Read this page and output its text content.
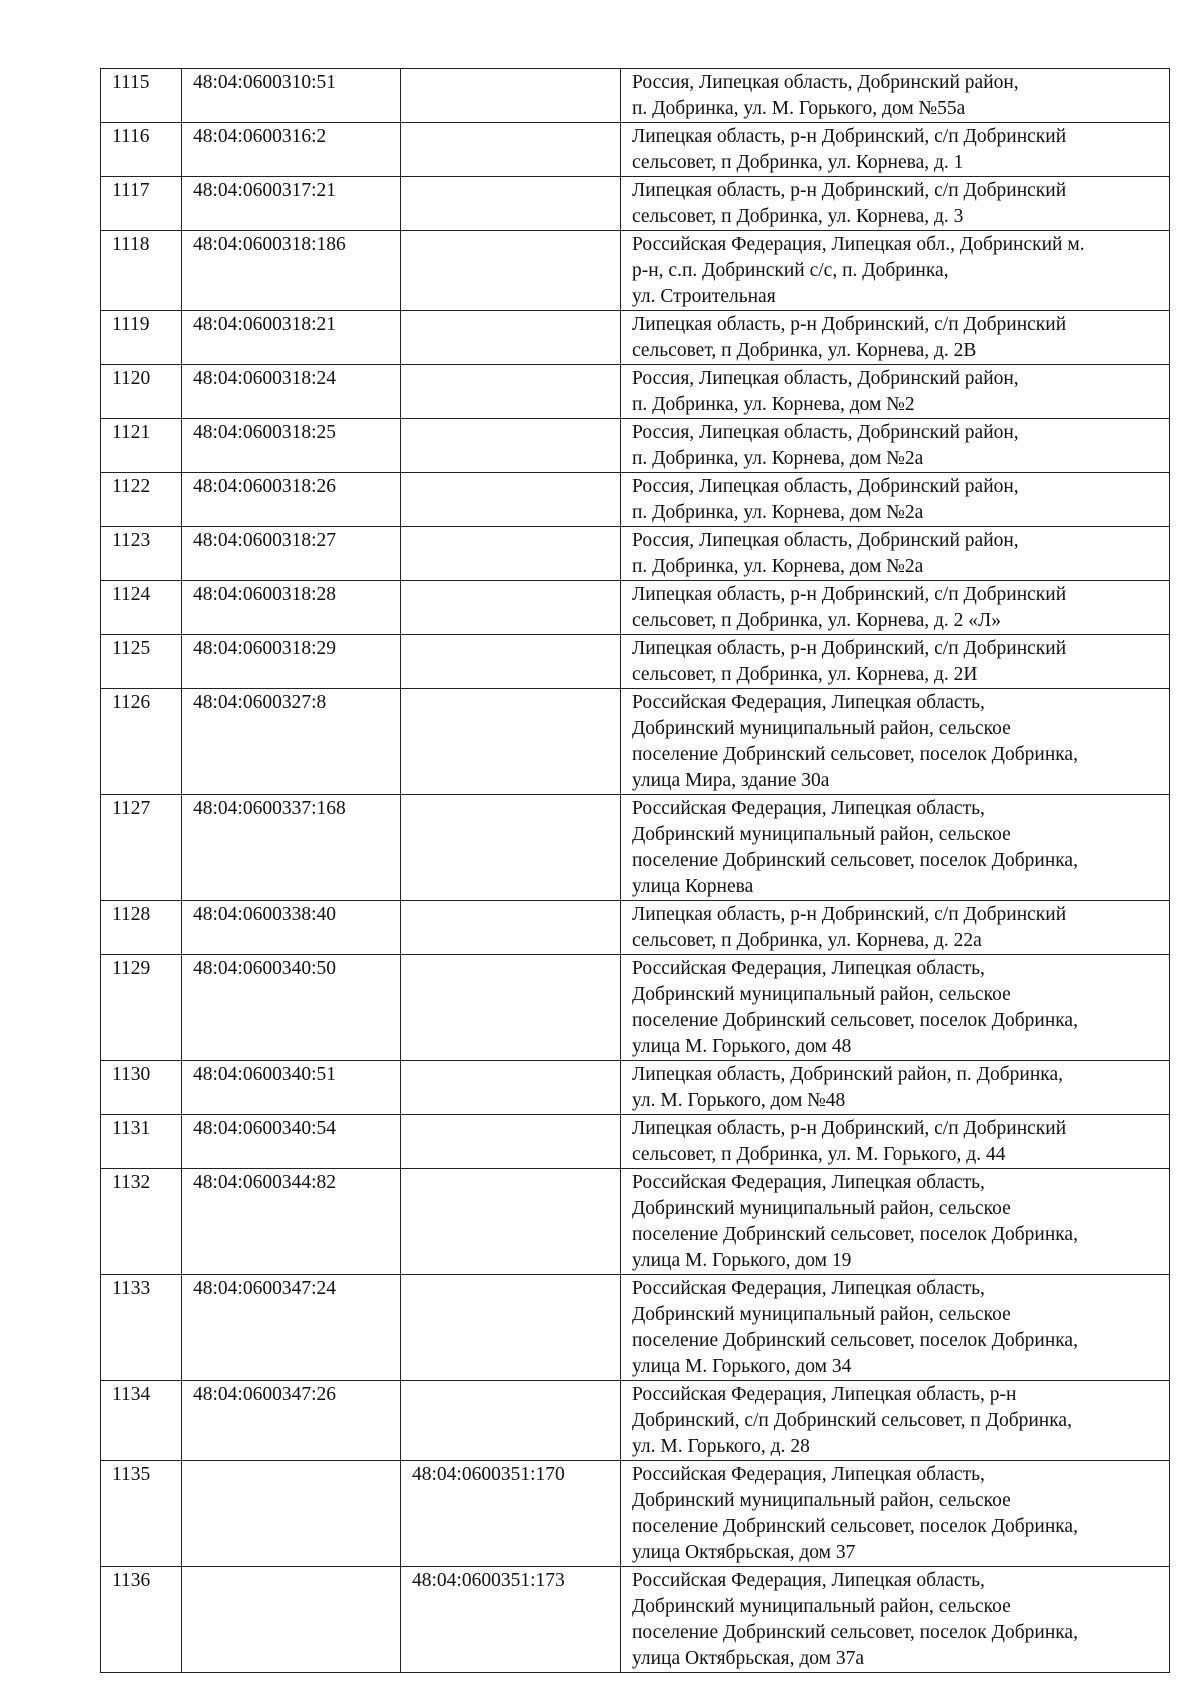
1115	48:04:0600310:51		Россия, Липецкая область, Добринский район,
п. Добринка, ул. М. Горького, дом №55а
1116	48:04:0600316:2		Липецкая область, р-н Добринский, с/п Добринский
сельсовет, п Добринка, ул. Корнева, д. 1
1117	48:04:0600317:21		Липецкая область, р-н Добринский, с/п Добринский
сельсовет, п Добринка, ул. Корнева, д. 3
1118	48:04:0600318:186		Российская Федерация, Липецкая обл., Добринский м.
р-н, с.п. Добринский с/с, п. Добринка,
ул. Строительная
1119	48:04:0600318:21		Липецкая область, р-н Добринский, с/п Добринский
сельсовет, п Добринка, ул. Корнева, д. 2В
1120	48:04:0600318:24		Россия, Липецкая область, Добринский район,
п. Добринка, ул. Корнева, дом №2
1121	48:04:0600318:25		Россия, Липецкая область, Добринский район,
п. Добринка, ул. Корнева, дом №2а
1122	48:04:0600318:26		Россия, Липецкая область, Добринский район,
п. Добринка, ул. Корнева, дом №2а
1123	48:04:0600318:27		Россия, Липецкая область, Добринский район,
п. Добринка, ул. Корнева, дом №2а
1124	48:04:0600318:28		Липецкая область, р-н Добринский, с/п Добринский
сельсовет, п Добринка, ул. Корнева, д. 2 «Л»
1125	48:04:0600318:29		Липецкая область, р-н Добринский, с/п Добринский
сельсовет, п Добринка, ул. Корнева, д. 2И
1126	48:04:0600327:8		Российская Федерация, Липецкая область,
Добринский муниципальный район, сельское
поселение Добринский сельсовет, поселок Добринка,
улица Мира, здание 30а
1127	48:04:0600337:168		Российская Федерация, Липецкая область,
Добринский муниципальный район, сельское
поселение Добринский сельсовет, поселок Добринка,
улица Корнева
1128	48:04:0600338:40		Липецкая область, р-н Добринский, с/п Добринский
сельсовет, п Добринка, ул. Корнева, д. 22а
1129	48:04:0600340:50		Российская Федерация, Липецкая область,
Добринский муниципальный район, сельское
поселение Добринский сельсовет, поселок Добринка,
улица М. Горького, дом 48
1130	48:04:0600340:51		Липецкая область, Добринский район, п. Добринка,
ул. М. Горького, дом №48
1131	48:04:0600340:54		Липецкая область, р-н Добринский, с/п Добринский
сельсовет, п Добринка, ул. М. Горького, д. 44
1132	48:04:0600344:82		Российская Федерация, Липецкая область,
Добринский муниципальный район, сельское
поселение Добринский сельсовет, поселок Добринка,
улица М. Горького, дом 19
1133	48:04:0600347:24		Российская Федерация, Липецкая область,
Добринский муниципальный район, сельское
поселение Добринский сельсовет, поселок Добринка,
улица М. Горького, дом 34
1134	48:04:0600347:26		Российская Федерация, Липецкая область, р-н
Добринский, с/п Добринский сельсовет, п Добринка,
ул. М. Горького, д. 28
1135		48:04:0600351:170	Российская Федерация, Липецкая область,
Добринский муниципальный район, сельское
поселение Добринский сельсовет, поселок Добринка,
улица Октябрьская, дом 37
1136		48:04:0600351:173	Российская Федерация, Липецкая область,
Добринский муниципальный район, сельское
поселение Добринский сельсовет, поселок Добринка,
улица Октябрьская, дом 37а
